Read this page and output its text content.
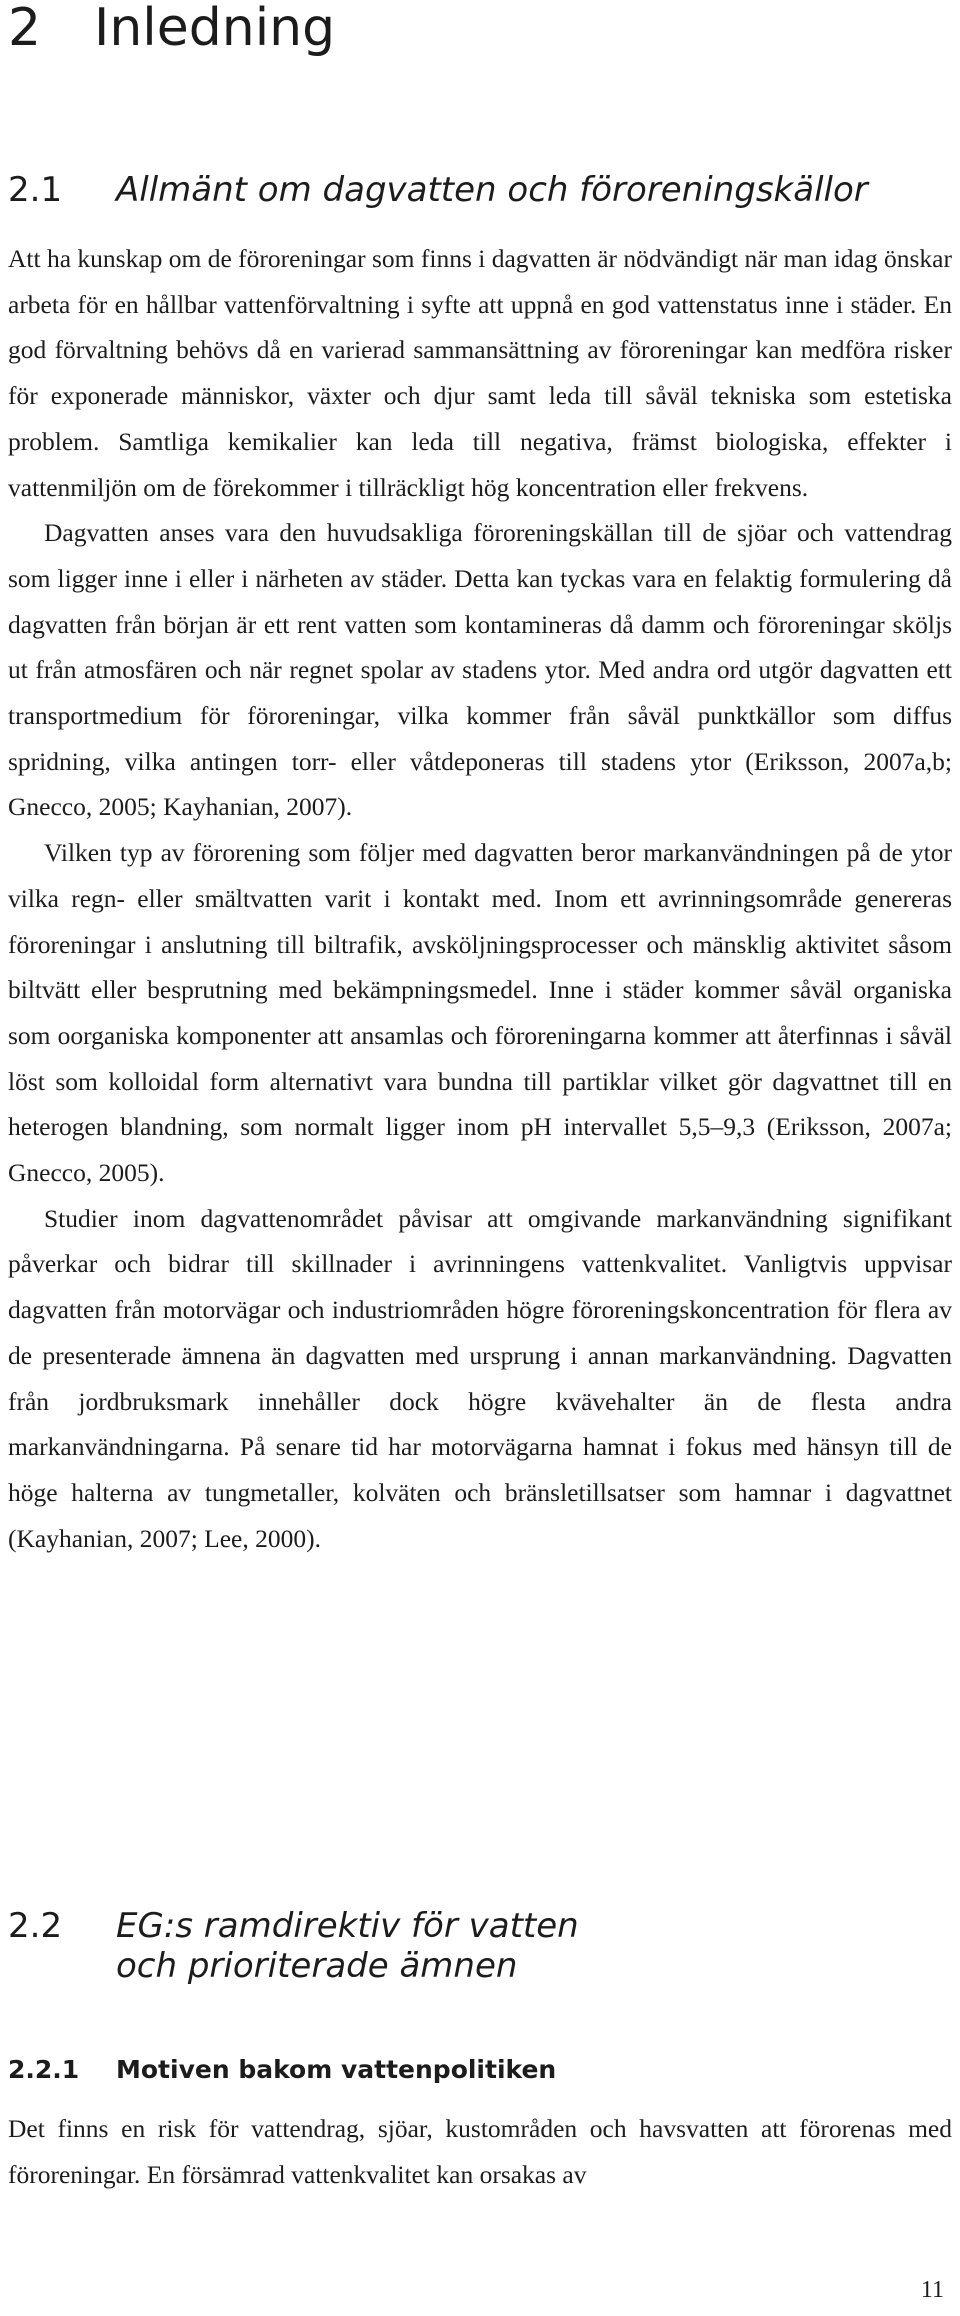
2 Inledning
2.1 Allmänt om dagvatten och föroreningskällor

Att ha kunskap om de föroreningar som finns i dagvatten är nödvändigt när man idag önskar arbeta för en hållbar vattenförvaltning i syfte att uppnå en god vattenstatus inne i städer. En god förvaltning behövs då en varierad sammansättning av föroreningar kan medföra risker för exponerade människor, växter och djur samt leda till såväl tekniska som estetiska problem. Samtliga kemikalier kan leda till negativa, främst biologiska, effekter i vattenmiljön om de förekommer i tillräckligt hög koncentration eller frekvens.

Dagvatten anses vara den huvudsakliga föroreningskällan till de sjöar och vattendrag som ligger inne i eller i närheten av städer. Detta kan tyckas vara en felaktig formulering då dagvatten från början är ett rent vatten som kontamineras då damm och föroreningar sköljs ut från atmosfären och när regnet spolar av stadens ytor. Med andra ord utgör dagvatten ett transportmedium för föroreningar, vilka kommer från såväl punktkällor som diffus spridning, vilka antingen torr- eller våtdeponeras till stadens ytor (Eriksson, 2007a,b; Gnecco, 2005; Kayhanian, 2007).

Vilken typ av förorening som följer med dagvatten beror markanvändningen på de ytor vilka regn- eller smältvatten varit i kontakt med. Inom ett avrinningsområde genereras föroreningar i anslutning till biltrafik, avsköljningsprocesser och mänsklig aktivitet såsom biltvätt eller besprutning med bekämpningsmedel. Inne i städer kommer såväl organiska som oorganiska komponenter att ansamlas och föroreningarna kommer att återfinnas i såväl löst som kolloidal form alternativt vara bundna till partiklar vilket gör dagvattnet till en heterogen blandning, som normalt ligger inom pH intervallet 5,5–9,3 (Eriksson, 2007a; Gnecco, 2005).

Studier inom dagvattenområdet påvisar att omgivande markanvändning signifikant påverkar och bidrar till skillnader i avrinningens vattenkvalitet. Vanligtvis uppvisar dagvatten från motorvägar och industriområden högre föroreningskoncentration för flera av de presenterade ämnena än dagvatten med ursprung i annan markanvändning. Dagvatten från jordbruksmark innehåller dock högre kvävehalter än de flesta andra markanvändningarna. På senare tid har motorvägarna hamnat i fokus med hänsyn till de höge halterna av tungmetaller, kolväten och bränsletillsatser som hamnar i dagvattnet (Kayhanian, 2007; Lee, 2000).

2.2 EG:s ramdirektiv för vatten
och prioriterade ämnen
2.2.1 Motiven bakom vattenpolitiken

Det finns en risk för vattendrag, sjöar, kustområden och havsvatten att förorenas med föroreningar. En försämrad vattenkvalitet kan orsakas av

11
